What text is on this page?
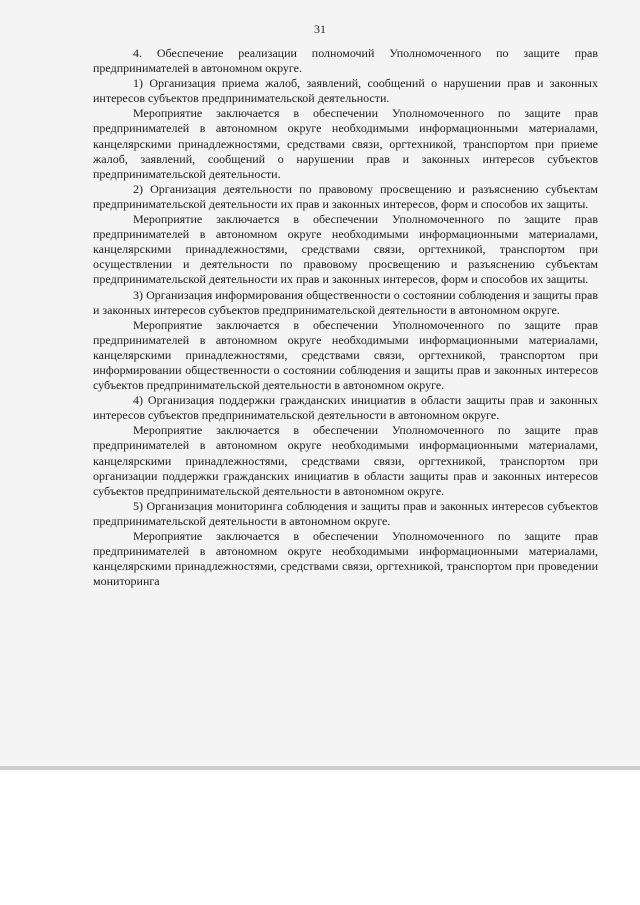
31

4. Обеспечение реализации полномочий Уполномоченного по защите прав предпринимателей в автономном округе.

1) Организация приема жалоб, заявлений, сообщений о нарушении прав и законных интересов субъектов предпринимательской деятельности.

Мероприятие заключается в обеспечении Уполномоченного по защите прав предпринимателей в автономном округе необходимыми информационными материалами, канцелярскими принадлежностями, средствами связи, оргтехникой, транспортом при приеме жалоб, заявлений, сообщений о нарушении прав и законных интересов субъектов предпринимательской деятельности.

2) Организация деятельности по правовому просвещению и разъяснению субъектам предпринимательской деятельности их прав и законных интересов, форм и способов их защиты.

Мероприятие заключается в обеспечении Уполномоченного по защите прав предпринимателей в автономном округе необходимыми информационными материалами, канцелярскими принадлежностями, средствами связи, оргтехникой, транспортом при осуществлении и деятельности по правовому просвещению и разъяснению субъектам предпринимательской деятельности их прав и законных интересов, форм и способов их защиты.

3) Организация информирования общественности о состоянии соблюдения и защиты прав и законных интересов субъектов предпринимательской деятельности в автономном округе.

Мероприятие заключается в обеспечении Уполномоченного по защите прав предпринимателей в автономном округе необходимыми информационными материалами, канцелярскими принадлежностями, средствами связи, оргтехникой, транспортом при информировании общественности о состоянии соблюдения и защиты прав и законных интересов субъектов предпринимательской деятельности в автономном округе.

4) Организация поддержки гражданских инициатив в области защиты прав и законных интересов субъектов предпринимательской деятельности в автономном округе.

Мероприятие заключается в обеспечении Уполномоченного по защите прав предпринимателей в автономном округе необходимыми информационными материалами, канцелярскими принадлежностями, средствами связи, оргтехникой, транспортом при организации поддержки гражданских инициатив в области защиты прав и законных интересов субъектов предпринимательской деятельности в автономном округе.

5) Организация мониторинга соблюдения и защиты прав и законных интересов субъектов предпринимательской деятельности в автономном округе.

Мероприятие заключается в обеспечении Уполномоченного по защите прав предпринимателей в автономном округе необходимыми информационными материалами, канцелярскими принадлежностями, средствами связи, оргтехникой, транспортом при проведении мониторинга
